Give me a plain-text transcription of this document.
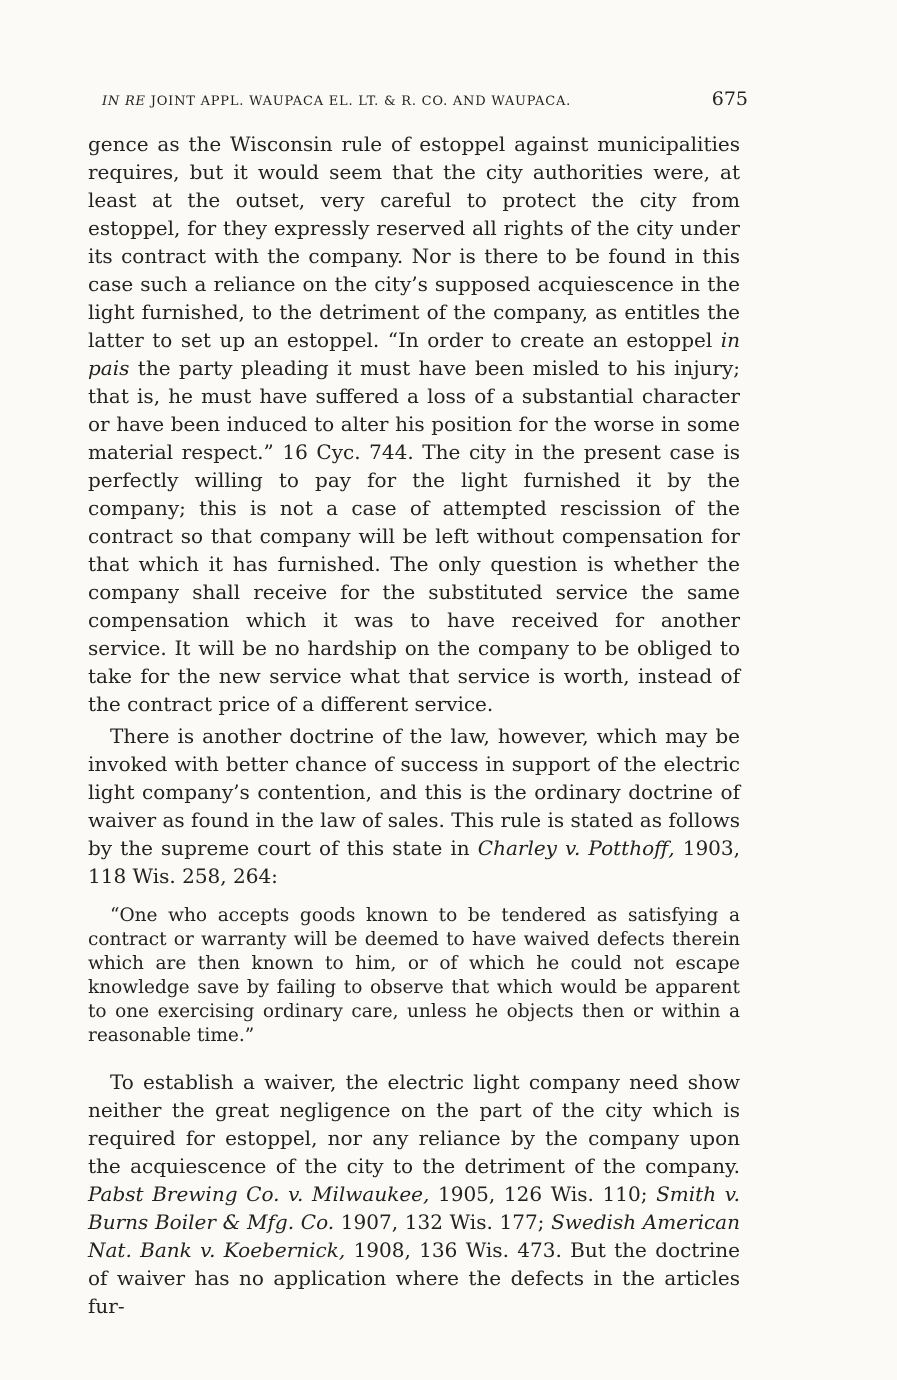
IN RE JOINT APPL. WAUPACA EL. LT. & R. CO. AND WAUPACA.	675

gence as the Wisconsin rule of estoppel against municipalities requires, but it would seem that the city authorities were, at least at the outset, very careful to protect the city from estoppel, for they expressly reserved all rights of the city under its contract with the company. Nor is there to be found in this case such a reliance on the city’s supposed acquiescence in the light furnished, to the detriment of the company, as entitles the latter to set up an estoppel. “In order to create an estoppel in pais the party pleading it must have been misled to his injury; that is, he must have suffered a loss of a substantial character or have been induced to alter his position for the worse in some material respect.” 16 Cyc. 744. The city in the present case is perfectly willing to pay for the light furnished it by the company; this is not a case of attempted rescission of the contract so that company will be left without compensation for that which it has furnished. The only question is whether the company shall receive for the substituted service the same compensation which it was to have received for another service. It will be no hardship on the company to be obliged to take for the new service what that service is worth, instead of the contract price of a different service.

There is another doctrine of the law, however, which may be invoked with better chance of success in support of the electric light company’s contention, and this is the ordinary doctrine of waiver as found in the law of sales. This rule is stated as follows by the supreme court of this state in Charley v. Potthoff, 1903, 118 Wis. 258, 264:

“One who accepts goods known to be tendered as satisfying a contract or warranty will be deemed to have waived defects therein which are then known to him, or of which he could not escape knowledge save by failing to observe that which would be apparent to one exercising ordinary care, unless he objects then or within a reasonable time.”

To establish a waiver, the electric light company need show neither the great negligence on the part of the city which is required for estoppel, nor any reliance by the company upon the acquiescence of the city to the detriment of the company. Pabst Brewing Co. v. Milwaukee, 1905, 126 Wis. 110; Smith v. Burns Boiler & Mfg. Co. 1907, 132 Wis. 177; Swedish American Nat. Bank v. Koebernick, 1908, 136 Wis. 473. But the doctrine of waiver has no application where the defects in the articles fur-
